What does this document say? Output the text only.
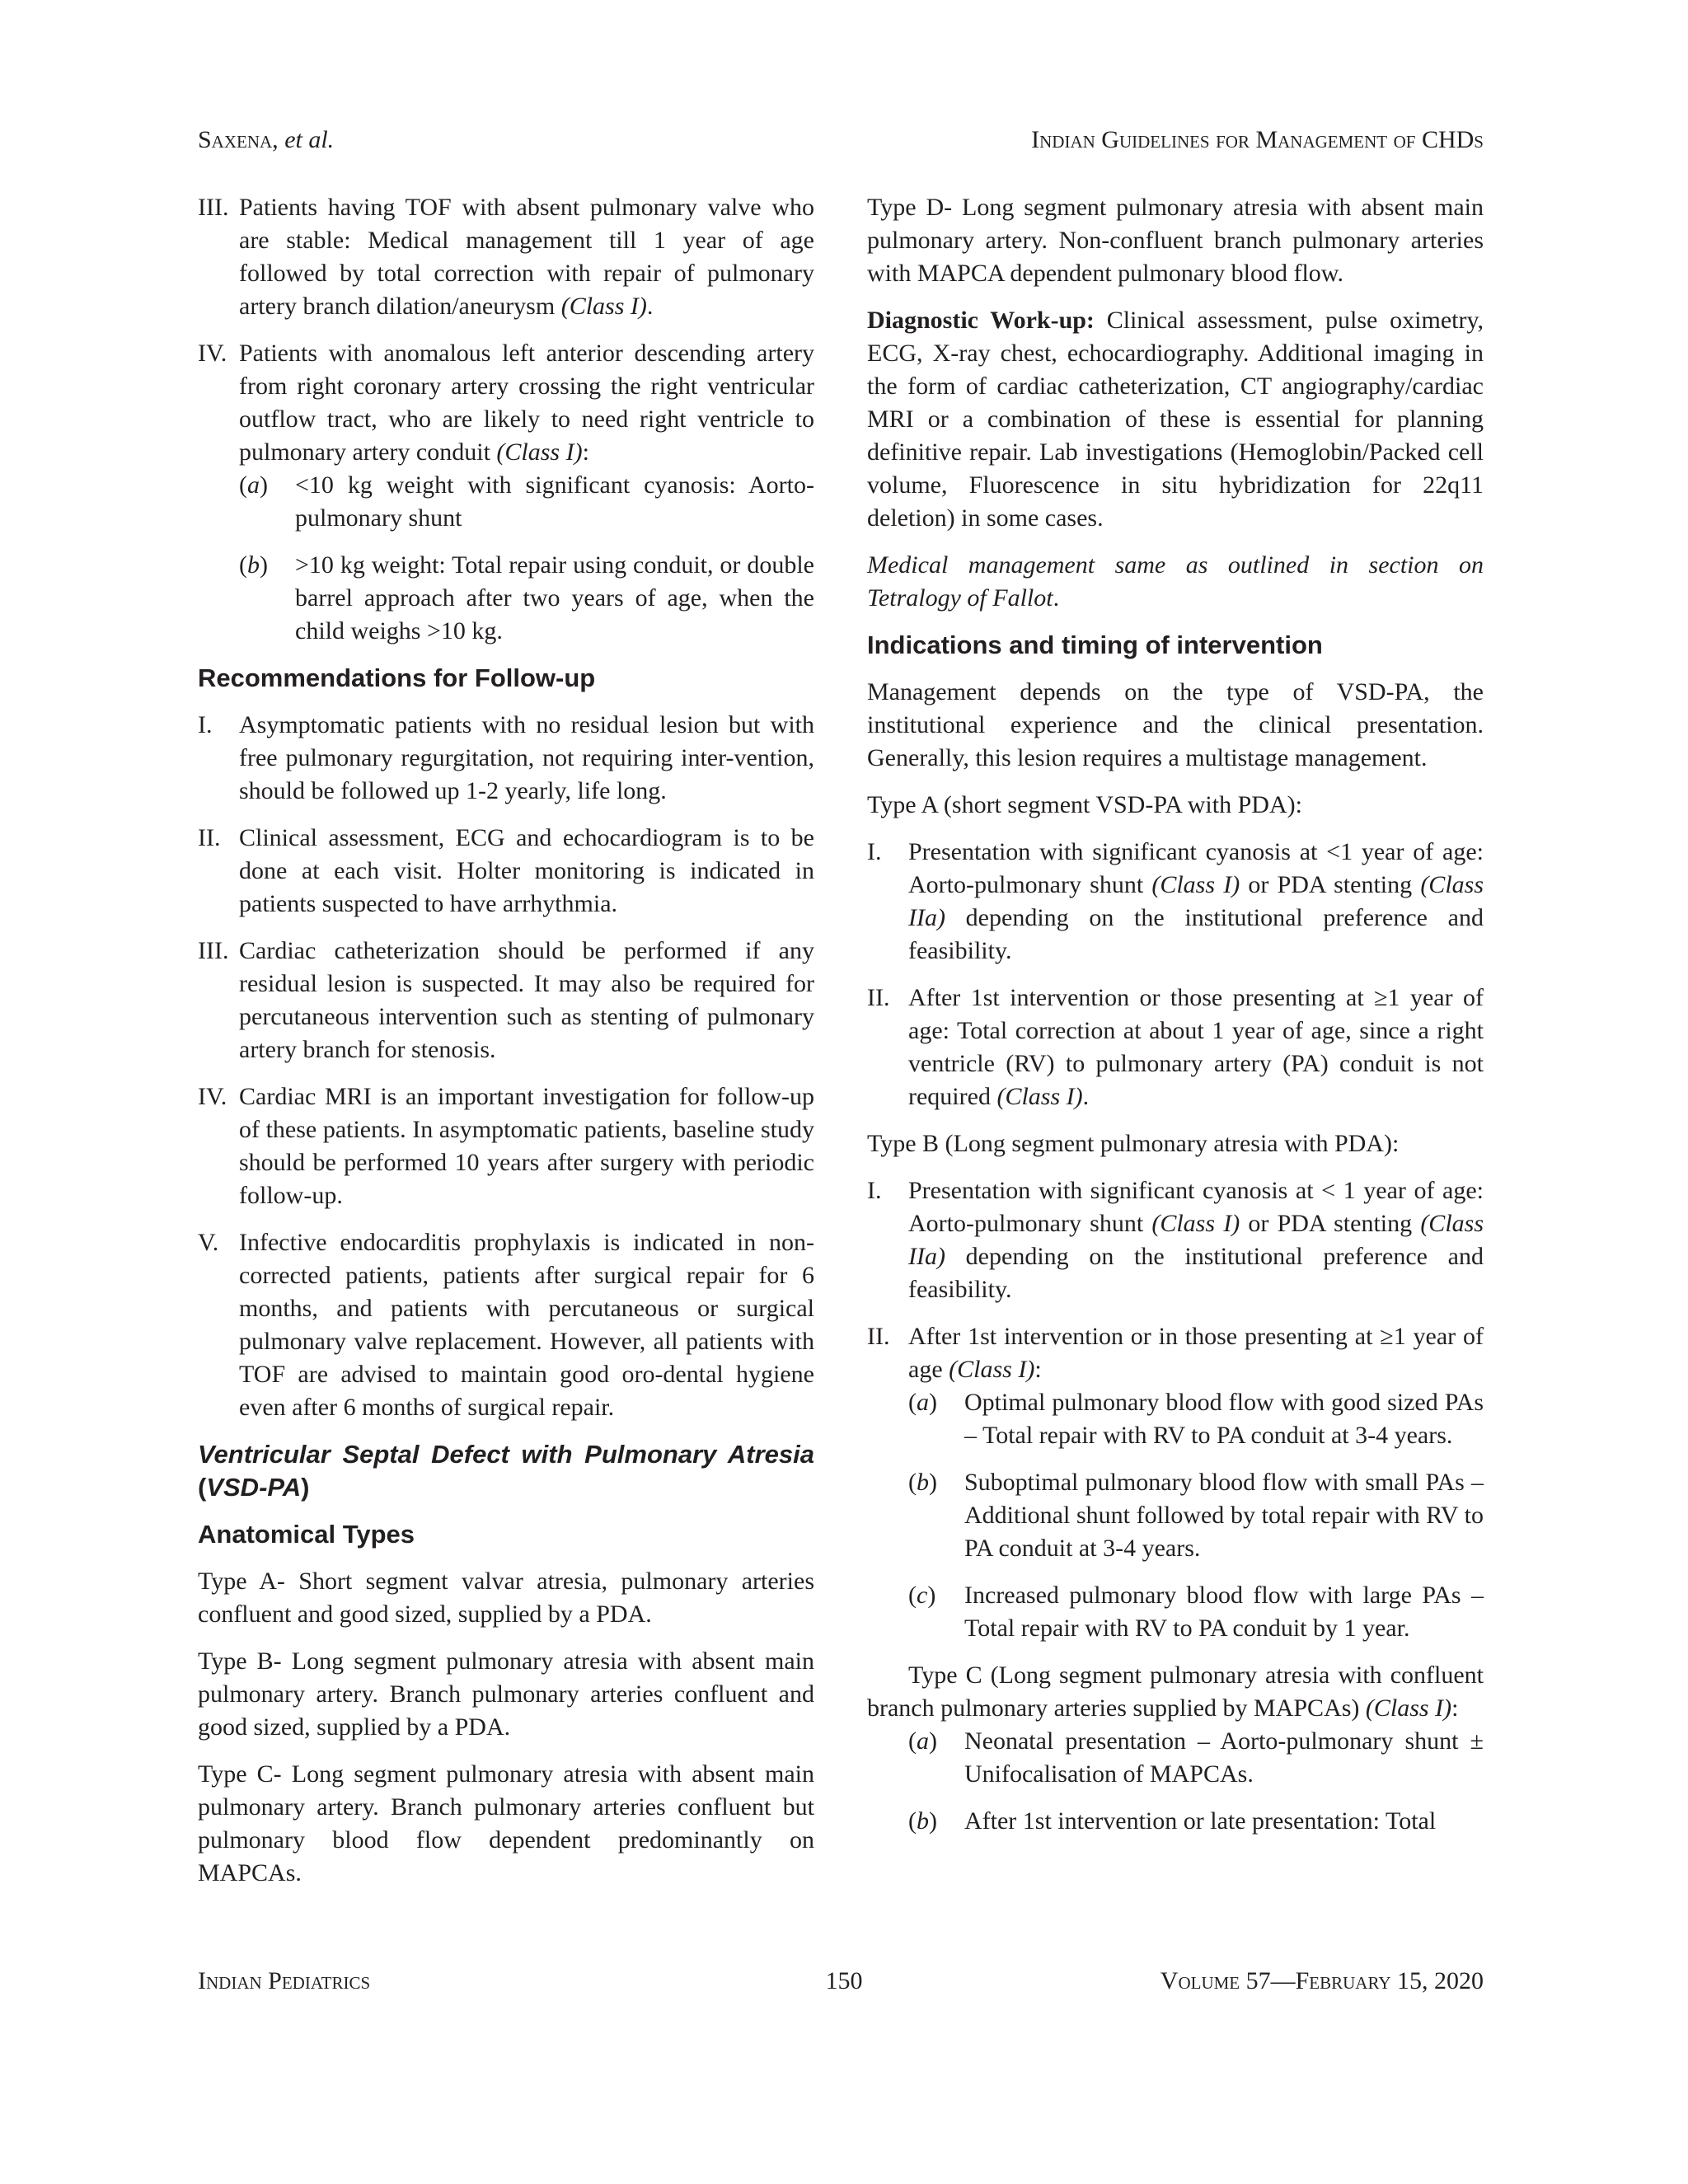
Saxena, et al.	Indian Guidelines for Management of CHDs
III. Patients having TOF with absent pulmonary valve who are stable: Medical management till 1 year of age followed by total correction with repair of pulmonary artery branch dilation/aneurysm (Class I).
IV. Patients with anomalous left anterior descending artery from right coronary artery crossing the right ventricular outflow tract, who are likely to need right ventricle to pulmonary artery conduit (Class I):
(a) <10 kg weight with significant cyanosis: Aorto-pulmonary shunt
(b) >10 kg weight: Total repair using conduit, or double barrel approach after two years of age, when the child weighs >10 kg.
Recommendations for Follow-up
I. Asymptomatic patients with no residual lesion but with free pulmonary regurgitation, not requiring inter-vention, should be followed up 1-2 yearly, life long.
II. Clinical assessment, ECG and echocardiogram is to be done at each visit. Holter monitoring is indicated in patients suspected to have arrhythmia.
III. Cardiac catheterization should be performed if any residual lesion is suspected. It may also be required for percutaneous intervention such as stenting of pulmonary artery branch for stenosis.
IV. Cardiac MRI is an important investigation for follow-up of these patients. In asymptomatic patients, baseline study should be performed 10 years after surgery with periodic follow-up.
V. Infective endocarditis prophylaxis is indicated in non-corrected patients, patients after surgical repair for 6 months, and patients with percutaneous or surgical pulmonary valve replacement. However, all patients with TOF are advised to maintain good oro-dental hygiene even after 6 months of surgical repair.
Ventricular Septal Defect with Pulmonary Atresia (VSD-PA)
Anatomical Types

Type A- Short segment valvar atresia, pulmonary arteries confluent and good sized, supplied by a PDA.

Type B- Long segment pulmonary atresia with absent main pulmonary artery. Branch pulmonary arteries confluent and good sized, supplied by a PDA.

Type C- Long segment pulmonary atresia with absent main pulmonary artery. Branch pulmonary arteries confluent but pulmonary blood flow dependent predominantly on MAPCAs.

Type D- Long segment pulmonary atresia with absent main pulmonary artery. Non-confluent branch pulmonary arteries with MAPCA dependent pulmonary blood flow.

Diagnostic Work-up: Clinical assessment, pulse oximetry, ECG, X-ray chest, echocardiography. Additional imaging in the form of cardiac catheterization, CT angiography/cardiac MRI or a combination of these is essential for planning definitive repair. Lab investigations (Hemoglobin/Packed cell volume, Fluorescence in situ hybridization for 22q11 deletion) in some cases.

Medical management same as outlined in section on Tetralogy of Fallot.

Indications and timing of intervention

Management depends on the type of VSD-PA, the institutional experience and the clinical presentation. Generally, this lesion requires a multistage management.

Type A (short segment VSD-PA with PDA):

I. Presentation with significant cyanosis at <1 year of age: Aorto-pulmonary shunt (Class I) or PDA stenting (Class IIa) depending on the institutional preference and feasibility.
II. After 1st intervention or those presenting at ≥1 year of age: Total correction at about 1 year of age, since a right ventricle (RV) to pulmonary artery (PA) conduit is not required (Class I).

Type B (Long segment pulmonary atresia with PDA):

I. Presentation with significant cyanosis at < 1 year of age: Aorto-pulmonary shunt (Class I) or PDA stenting (Class IIa) depending on the institutional preference and feasibility.
II. After 1st intervention or in those presenting at ≥1 year of age (Class I):
(a) Optimal pulmonary blood flow with good sized PAs – Total repair with RV to PA conduit at 3-4 years.
(b) Suboptimal pulmonary blood flow with small PAs – Additional shunt followed by total repair with RV to PA conduit at 3-4 years.
(c) Increased pulmonary blood flow with large PAs – Total repair with RV to PA conduit by 1 year.

Type C (Long segment pulmonary atresia with confluent branch pulmonary arteries supplied by MAPCAs) (Class I):

(a) Neonatal presentation – Aorto-pulmonary shunt ± Unifocalisation of MAPCAs.
(b) After 1st intervention or late presentation: Total
Indian Pediatrics	150	Volume 57—February 15, 2020
